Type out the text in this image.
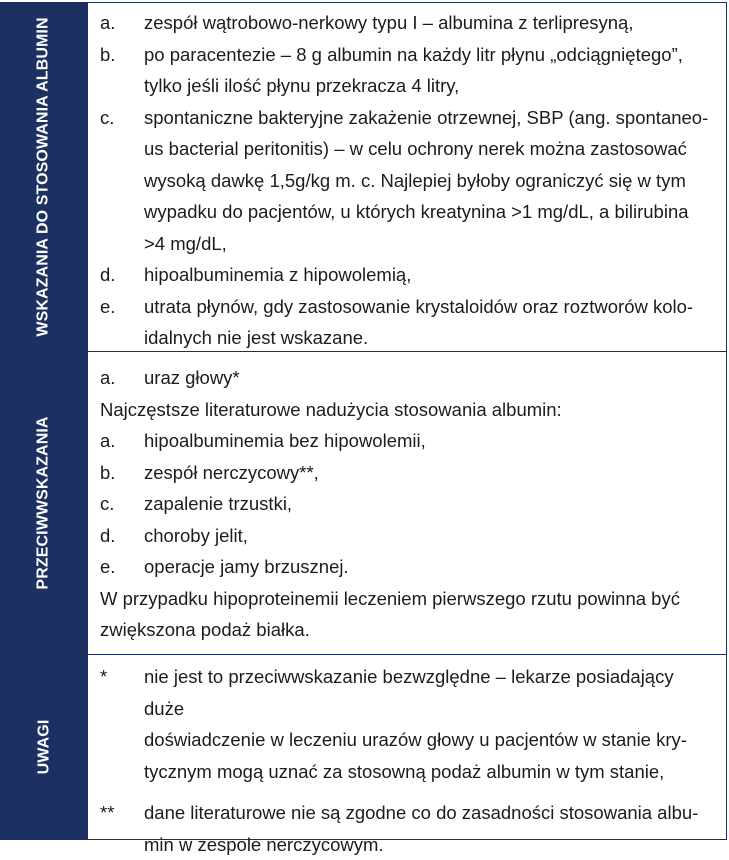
WSKAZANIA DO STOSOWANIA ALBUMIN	a.	zespół wątrobowo-nerkowy typu I – albumina z terlipresyną,
b.	po paracentezie – 8 g albumin na każdy litr płynu „odciągniętego”,
tylko jeśli ilość płynu przekracza 4 litry,
c.	spontaniczne bakteryjne zakażenie otrzewnej, SBP (ang. spontaneo-
us bacterial peritonitis) – w celu ochrony nerek można zastosować
wysoką dawkę 1,5g/kg m. c. Najlepiej byłoby ograniczyć się w tym
wypadku do pacjentów, u których kreatynina >1 mg/dL, a bilirubina
>4 mg/dL,
d.	hipoalbuminemia z hipowolemią,
e.	utrata płynów, gdy zastosowanie krystaloidów oraz roztworów kolo-
idalnych nie jest wskazane.
PRZECIWWSKAZANIA
a.	uraz głowy*
Najczęstsze literaturowe nadużycia stosowania albumin:
a.	hipoalbuminemia bez hipowolemii,
b.	zespół nerczycowy**,
c.	zapalenie trzustki,
d.	choroby jelit,
e.	operacje jamy brzusznej.
W przypadku hipoproteinemii leczeniem pierwszego rzutu powinna być
zwiększona podaż białka.
UWAGI
*	nie jest to przeciwwskazanie bezwzględne – lekarze posiadający duże
doświadczenie w leczeniu urazów głowy u pacjentów w stanie kry-
tycznym mogą uznać za stosowną podaż albumin w tym stanie,
**	dane literaturowe nie są zgodne co do zasadności stosowania albu-
min w zespole nerczycowym.
